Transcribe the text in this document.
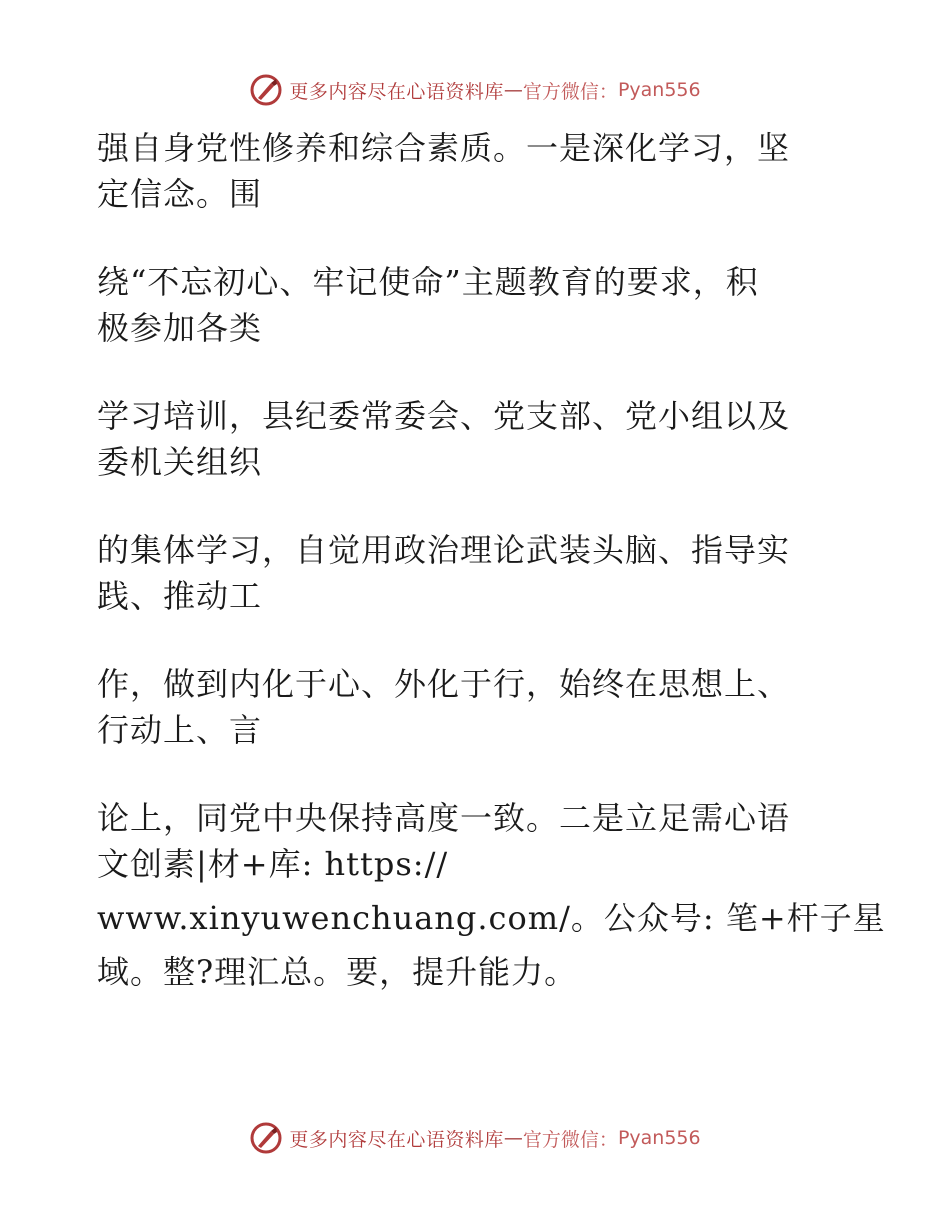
更多内容尽在心语资料库 — 官方微信： Pyan556
强自身党性修养和综合素质。一是深化学习，坚
定信念。围
绕“不忘初心、牢记使命”主题教育的要求，积
极参加各类
学习培训，县纪委常委会、党支部、党小组以及
委机关组织
的集体学习，自觉用政治理论武装头脑、指导实
践、推动工
作，做到内化于心、外化于行，始终在思想上、
行动上、言
论上，同党中央保持高度一致。二是立足需心语
文创素|材+库: https://
www.xinyuwenchuang.com/。公众号: 笔+杆子星
域。整?理汇总。要，提升能力。
更多内容尽在心语资料库 — 官方微信： Pyan556
